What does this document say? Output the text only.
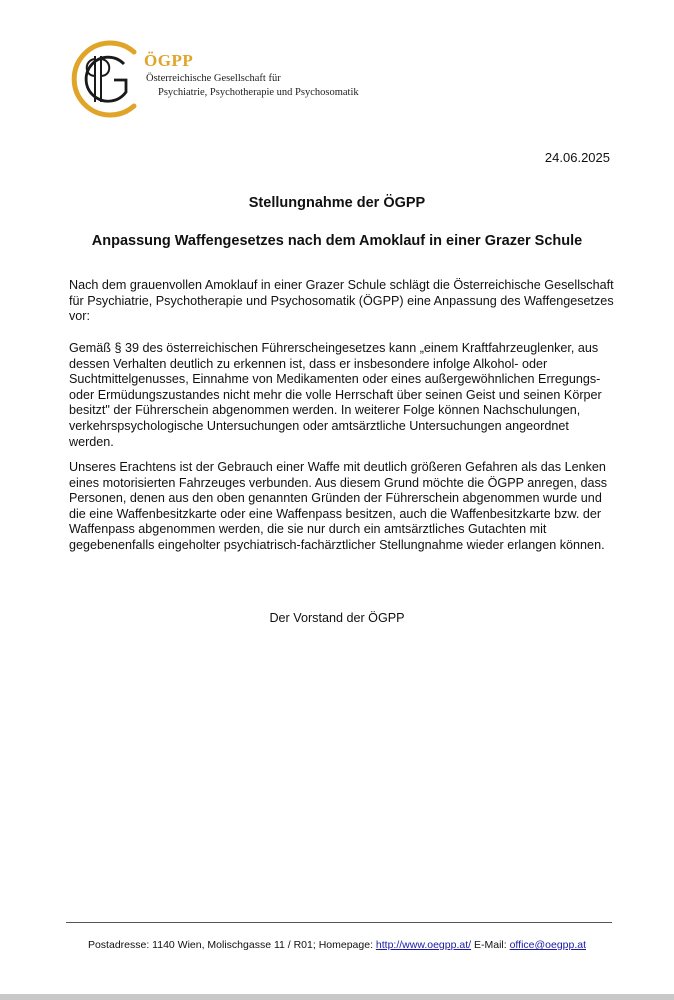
ÖGPP
Österreichische Gesellschaft für
Psychiatrie, Psychotherapie und Psychosomatik
24.06.2025
Stellungnahme der ÖGPP
Anpassung Waffengesetzes nach dem Amoklauf in einer Grazer Schule

Nach dem grauenvollen Amoklauf in einer Grazer Schule schlägt die Österreichische Gesellschaft für Psychiatrie, Psychotherapie und Psychosomatik (ÖGPP) eine Anpassung des Waffengesetzes vor:

Gemäß § 39 des österreichischen Führerscheingesetzes kann „einem Kraftfahrzeuglenker, aus dessen Verhalten deutlich zu erkennen ist, dass er insbesondere infolge Alkohol- oder Suchtmittelgenusses, Einnahme von Medikamenten oder eines außergewöhnlichen Erregungs- oder Ermüdungszustandes nicht mehr die volle Herrschaft über seinen Geist und seinen Körper besitzt" der Führerschein abgenommen werden. In weiterer Folge können Nachschulungen, verkehrspsychologische Untersuchungen oder amtsärztliche Untersuchungen angeordnet werden.

Unseres Erachtens ist der Gebrauch einer Waffe mit deutlich größeren Gefahren als das Lenken eines motorisierten Fahrzeuges verbunden. Aus diesem Grund möchte die ÖGPP anregen, dass Personen, denen aus den oben genannten Gründen der Führerschein abgenommen wurde und die eine Waffenbesitzkarte oder eine Waffenpass besitzen, auch die Waffenbesitzkarte bzw. der Waffenpass abgenommen werden, die sie nur durch ein amtsärztliches Gutachten mit gegebenenfalls eingeholter psychiatrisch-fachärztlicher Stellungnahme wieder erlangen können.

Der Vorstand der ÖGPP
Postadresse: 1140 Wien, Molischgasse 11 / R01; Homepage: http://www.oegpp.at/ E-Mail: office@oegpp.at
